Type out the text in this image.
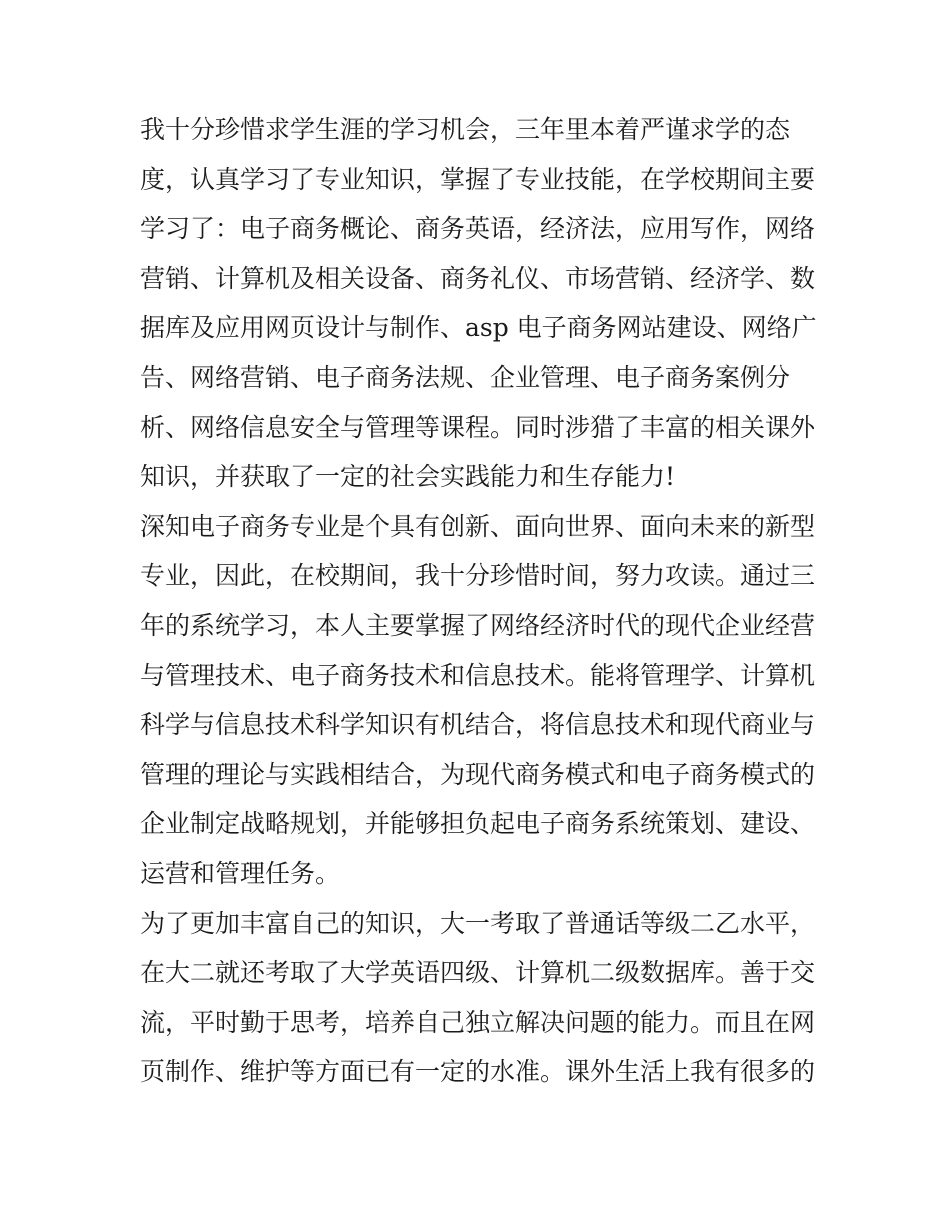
我十分珍惜求学生涯的学习机会，三年里本着严谨求学的态
度，认真学习了专业知识，掌握了专业技能，在学校期间主要
学习了：电子商务概论、商务英语，经济法，应用写作，网络
营销、计算机及相关设备、商务礼仪、市场营销、经济学、数
据库及应用网页设计与制作、asp 电子商务网站建设、网络广
告、网络营销、电子商务法规、企业管理、电子商务案例分
析、网络信息安全与管理等课程。同时涉猎了丰富的相关课外
知识，并获取了一定的社会实践能力和生存能力!
深知电子商务专业是个具有创新、面向世界、面向未来的新型
专业，因此，在校期间，我十分珍惜时间，努力攻读。通过三
年的系统学习，本人主要掌握了网络经济时代的现代企业经营
与管理技术、电子商务技术和信息技术。能将管理学、计算机
科学与信息技术科学知识有机结合，将信息技术和现代商业与
管理的理论与实践相结合，为现代商务模式和电子商务模式的
企业制定战略规划，并能够担负起电子商务系统策划、建设、
运营和管理任务。
为了更加丰富自己的知识，大一考取了普通话等级二乙水平，
在大二就还考取了大学英语四级、计算机二级数据库。善于交
流，平时勤于思考，培养自己独立解决问题的能力。而且在网
页制作、维护等方面已有一定的水准。课外生活上我有很多的
